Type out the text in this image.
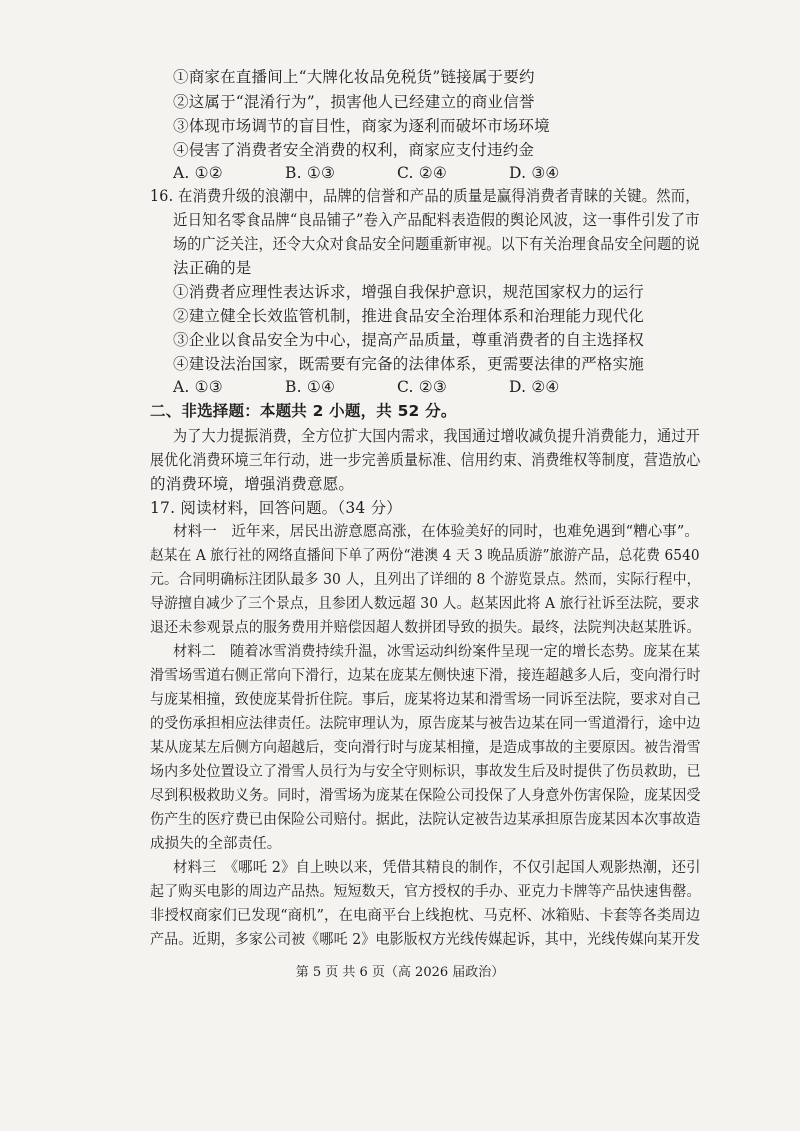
①商家在直播间上“大牌化妆品免税货”链接属于要约
②这属于“混淆行为”，损害他人已经建立的商业信誉
③体现市场调节的盲目性，商家为逐利而破坏市场环境
④侵害了消费者安全消费的权利，商家应支付违约金
A. ①②	B. ①③	C. ②④	D. ③④
16. 在消费升级的浪潮中，品牌的信誉和产品的质量是赢得消费者青睐的关键。然而，
近日知名零食品牌“良品铺子”卷入产品配料表造假的舆论风波，这一事件引发了市
场的广泛关注，还令大众对食品安全问题重新审视。以下有关治理食品安全问题的说
法正确的是
①消费者应理性表达诉求，增强自我保护意识，规范国家权力的运行
②建立健全长效监管机制，推进食品安全治理体系和治理能力现代化
③企业以食品安全为中心，提高产品质量，尊重消费者的自主选择权
④建设法治国家，既需要有完备的法律体系，更需要法律的严格实施
A. ①③	B. ①④	C. ②③	D. ②④
二、非选择题：本题共 2 小题，共 52 分。
为了大力提振消费，全方位扩大国内需求，我国通过增收减负提升消费能力，通过开
展优化消费环境三年行动，进一步完善质量标准、信用约束、消费维权等制度，营造放心
的消费环境，增强消费意愿。
17. 阅读材料，回答问题。（34 分）
材料一　近年来，居民出游意愿高涨，在体验美好的同时，也难免遇到“糟心事”。
赵某在 A 旅行社的网络直播间下单了两份“港澳 4 天 3 晚品质游”旅游产品，总花费 6540
元。合同明确标注团队最多 30 人，且列出了详细的 8 个游览景点。然而，实际行程中，
导游擅自减少了三个景点，且参团人数远超 30 人。赵某因此将 A 旅行社诉至法院，要求
退还未参观景点的服务费用并赔偿因超人数拼团导致的损失。最终，法院判决赵某胜诉。
材料二　随着冰雪消费持续升温，冰雪运动纠纷案件呈现一定的增长态势。庞某在某
滑雪场雪道右侧正常向下滑行，边某在庞某左侧快速下滑，接连超越多人后，变向滑行时
与庞某相撞，致使庞某骨折住院。事后，庞某将边某和滑雪场一同诉至法院，要求对自己
的受伤承担相应法律责任。法院审理认为，原告庞某与被告边某在同一雪道滑行，途中边
某从庞某左后侧方向超越后，变向滑行时与庞某相撞，是造成事故的主要原因。被告滑雪
场内多处位置设立了滑雪人员行为与安全守则标识，事故发生后及时提供了伤员救助，已
尽到积极救助义务。同时，滑雪场为庞某在保险公司投保了人身意外伤害保险，庞某因受
伤产生的医疗费已由保险公司赔付。据此，法院认定被告边某承担原告庞某因本次事故造
成损失的全部责任。
材料三　《哪吒 2》自上映以来，凭借其精良的制作，不仅引起国人观影热潮，还引
起了购买电影的周边产品热。短短数天，官方授权的手办、亚克力卡牌等产品快速售罄。
非授权商家们已发现“商机”，在电商平台上线抱枕、马克杯、冰箱贴、卡套等各类周边
产品。近期，多家公司被《哪吒 2》电影版权方光线传媒起诉，其中，光线传媒向某开发
第 5 页 共 6 页（高 2026 届政治）
